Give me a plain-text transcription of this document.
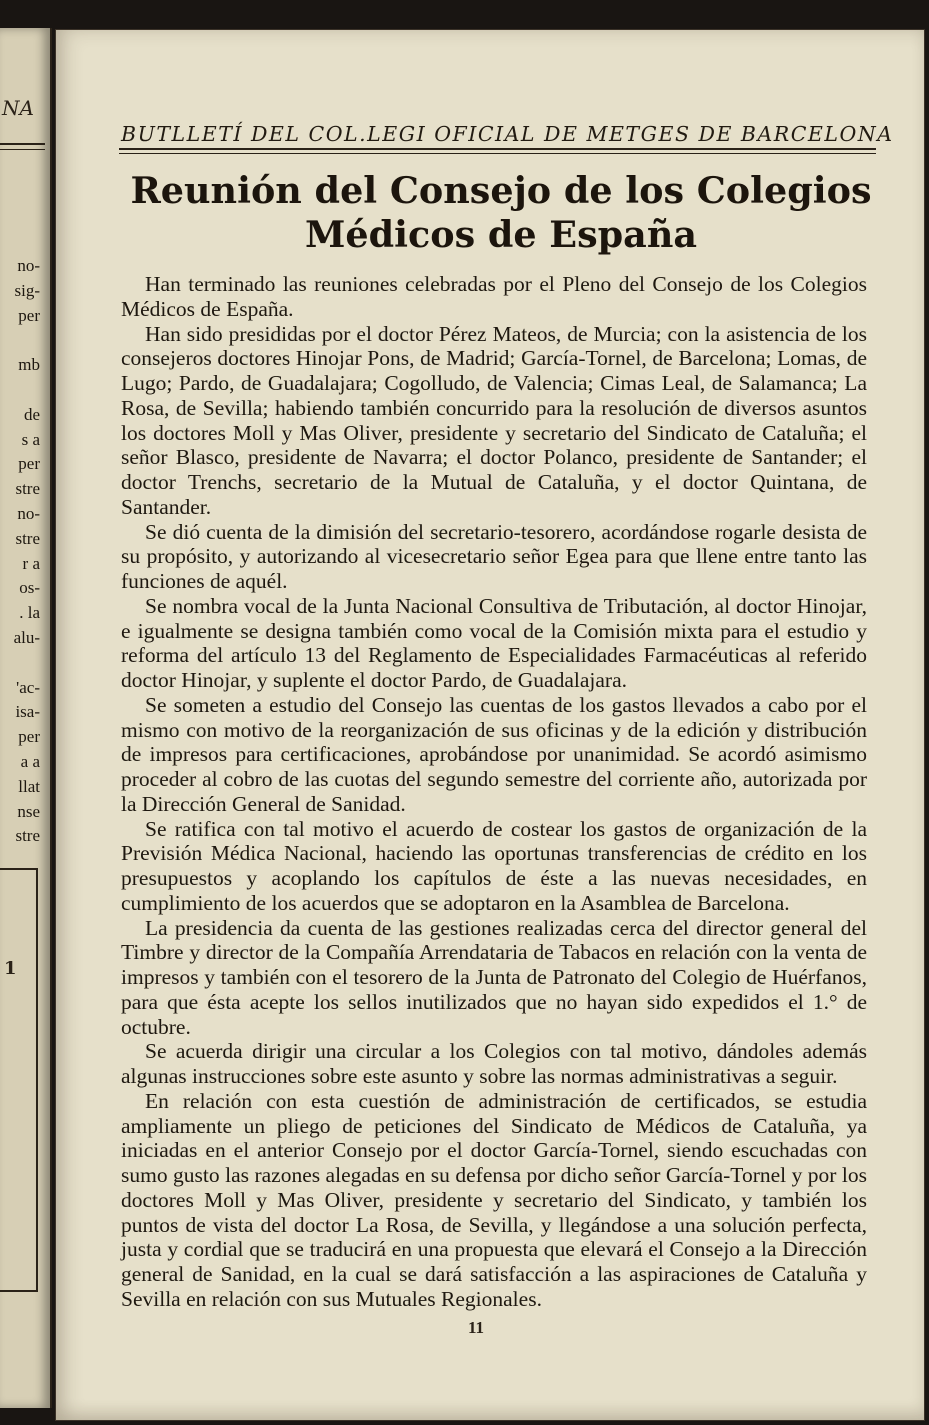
NA
no-
sig-
per
mb
de
s a
per
stre
no-
stre
r a
os-
. la
alu-
'ac-
isa-
per
a a
llat
nse
stre
1
BUTLLETÍ DEL COL.LEGI OFICIAL DE METGES DE BARCELONA
Reunión del Consejo de los Colegios
Médicos de España

Han terminado las reuniones celebradas por el Pleno del Consejo de los Colegios Médicos de España.

Han sido presididas por el doctor Pérez Mateos, de Murcia; con la asistencia de los consejeros doctores Hinojar Pons, de Madrid; García-Tornel, de Barcelona; Lomas, de Lugo; Pardo, de Guadalajara; Cogolludo, de Valencia; Cimas Leal, de Salamanca; La Rosa, de Sevilla; habiendo también concurrido para la resolución de diversos asuntos los doctores Moll y Mas Oliver, presidente y secretario del Sindicato de Cataluña; el señor Blasco, presidente de Navarra; el doctor Polanco, presidente de Santander; el doctor Trenchs, secretario de la Mutual de Cataluña, y el doctor Quintana, de Santander.

Se dió cuenta de la dimisión del secretario-tesorero, acordándose rogarle desista de su propósito, y autorizando al vicesecretario señor Egea para que llene entre tanto las funciones de aquél.

Se nombra vocal de la Junta Nacional Consultiva de Tributación, al doctor Hinojar, e igualmente se designa también como vocal de la Comisión mixta para el estudio y reforma del artículo 13 del Reglamento de Especialidades Farmacéuticas al referido doctor Hinojar, y suplente el doctor Pardo, de Guadalajara.

Se someten a estudio del Consejo las cuentas de los gastos llevados a cabo por el mismo con motivo de la reorganización de sus oficinas y de la edición y distribución de impresos para certificaciones, aprobándose por unanimidad. Se acordó asimismo proceder al cobro de las cuotas del segundo semestre del corriente año, autorizada por la Dirección General de Sanidad.

Se ratifica con tal motivo el acuerdo de costear los gastos de organización de la Previsión Médica Nacional, haciendo las oportunas transferencias de crédito en los presupuestos y acoplando los capítulos de éste a las nuevas necesidades, en cumplimiento de los acuerdos que se adoptaron en la Asamblea de Barcelona.

La presidencia da cuenta de las gestiones realizadas cerca del director general del Timbre y director de la Compañía Arrendataria de Tabacos en relación con la venta de impresos y también con el tesorero de la Junta de Patronato del Colegio de Huérfanos, para que ésta acepte los sellos inutilizados que no hayan sido expedidos el 1.° de octubre.

Se acuerda dirigir una circular a los Colegios con tal motivo, dándoles además algunas instrucciones sobre este asunto y sobre las normas administrativas a seguir.

En relación con esta cuestión de administración de certificados, se estudia ampliamente un pliego de peticiones del Sindicato de Médicos de Cataluña, ya iniciadas en el anterior Consejo por el doctor García-Tornel, siendo escuchadas con sumo gusto las razones alegadas en su defensa por dicho señor García-Tornel y por los doctores Moll y Mas Oliver, presidente y secretario del Sindicato, y también los puntos de vista del doctor La Rosa, de Sevilla, y llegándose a una solución perfecta, justa y cordial que se traducirá en una propuesta que elevará el Consejo a la Dirección general de Sanidad, en la cual se dará satisfacción a las aspiraciones de Cataluña y Sevilla en relación con sus Mutuales Regionales.

11
